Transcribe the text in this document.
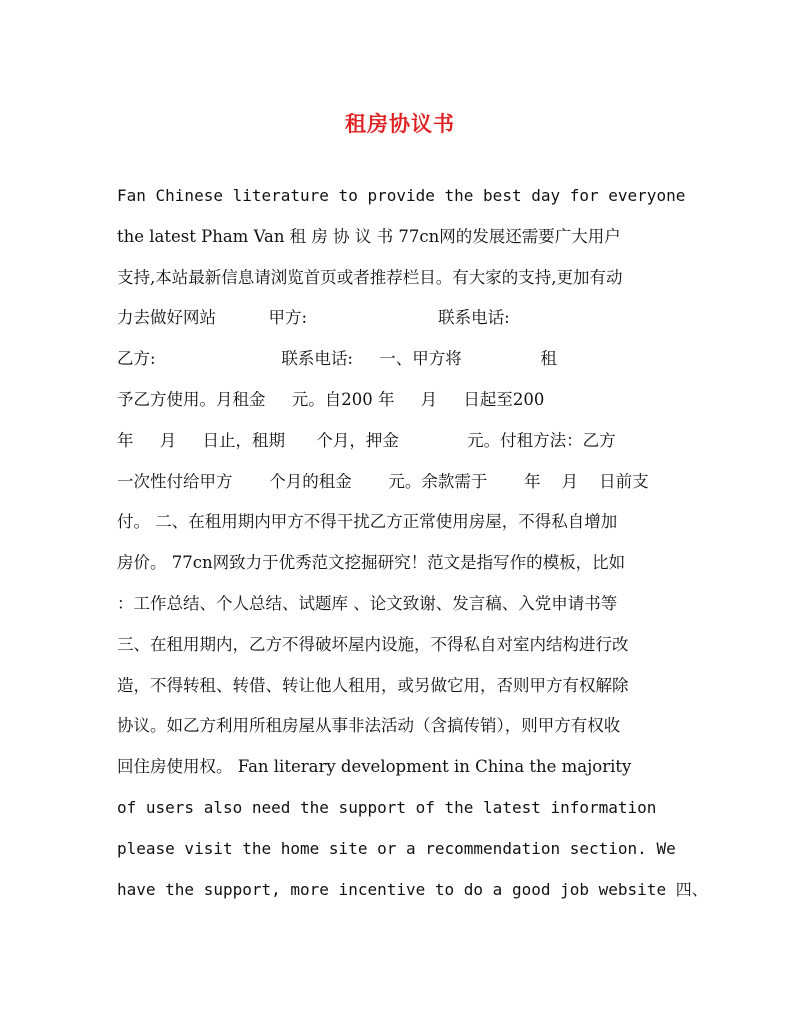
租房协议书
Fan Chinese literature to provide the best day for everyone
the latest Pham Van 租 房 协 议 书 77cn网的发展还需要广大用户
支持,本站最新信息请浏览首页或者推荐栏目。有大家的支持,更加有动
力去做好网站          甲方:                         联系电话:
乙方:                        联系电话:     一、甲方将               租
予乙方使用。月租金     元。自200 年     月     日起至200
年     月     日止，租期      个月，押金             元。付租方法：乙方
一次性付给甲方       个月的租金       元。余款需于       年    月    日前支
付。 二、在租用期内甲方不得干扰乙方正常使用房屋，不得私自增加
房价。 77cn网致力于优秀范文挖掘研究！范文是指写作的模板，比如
：工作总结、个人总结、试题库 、论文致谢、发言稿、入党申请书等
三、在租用期内，乙方不得破坏屋内设施，不得私自对室内结构进行改
造，不得转租、转借、转让他人租用，或另做它用，否则甲方有权解除
协议。如乙方利用所租房屋从事非法活动（含搞传销），则甲方有权收
回住房使用权。 Fan literary development in China the majority
of users also need the support of the latest information
please visit the home site or a recommendation section. We
have the support, more incentive to do a good job website 四、
